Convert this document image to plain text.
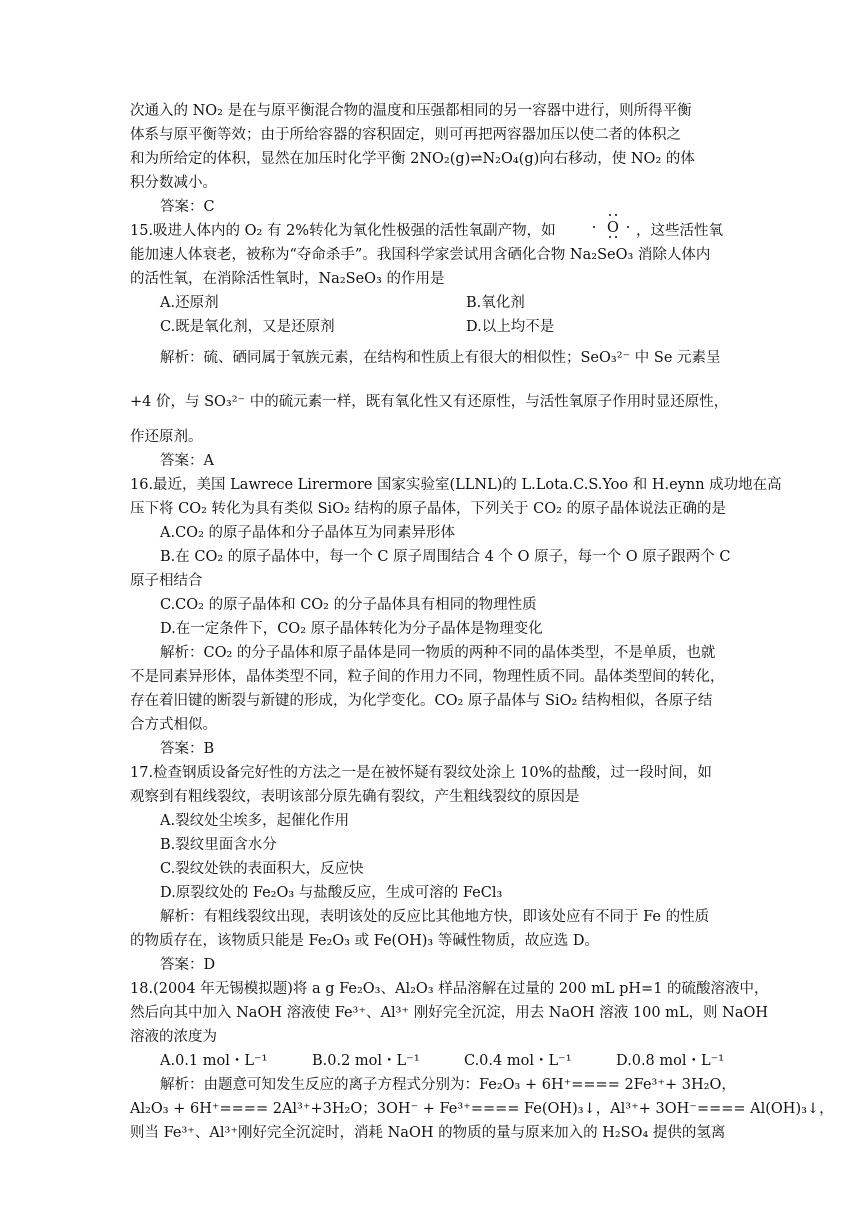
次通入的 NO₂ 是在与原平衡混合物的温度和压强都相同的另一容器中进行，则所得平衡
体系与原平衡等效；由于所给容器的容积固定，则可再把两容器加压以使二者的体积之
和为所给定的体积，显然在加压时化学平衡 2NO₂(g)⇌N₂O₄(g)向右移动，使 NO₂ 的体
积分数减小。
答案：C
15.吸进人体内的 O₂ 有 2%转化为氧化性极强的活性氧副产物，如	O ，这些活性氧
能加速人体衰老，被称为“夺命杀手”。我国科学家尝试用含硒化合物 Na₂SeO₃ 消除人体内
的活性氧，在消除活性氧时，Na₂SeO₃ 的作用是
A.还原剂	B.氧化剂
C.既是氧化剂，又是还原剂	D.以上均不是
解析：硫、硒同属于氧族元素，在结构和性质上有很大的相似性；SeO₃²⁻ 中 Se 元素呈
+4 价，与 SO₃²⁻ 中的硫元素一样，既有氧化性又有还原性，与活性氧原子作用时显还原性，
作还原剂。
答案：A
16.最近，美国 Lawrece Lirermore 国家实验室(LLNL)的 L.Lota.C.S.Yoo 和 H.eynn 成功地在高
压下将 CO₂ 转化为具有类似 SiO₂ 结构的原子晶体，下列关于 CO₂ 的原子晶体说法正确的是
A.CO₂ 的原子晶体和分子晶体互为同素异形体
B.在 CO₂ 的原子晶体中，每一个 C 原子周围结合 4 个 O 原子，每一个 O 原子跟两个 C
原子相结合
C.CO₂ 的原子晶体和 CO₂ 的分子晶体具有相同的物理性质
D.在一定条件下，CO₂ 原子晶体转化为分子晶体是物理变化
解析：CO₂ 的分子晶体和原子晶体是同一物质的两种不同的晶体类型，不是单质，也就
不是同素异形体，晶体类型不同，粒子间的作用力不同，物理性质不同。晶体类型间的转化，
存在着旧键的断裂与新键的形成，为化学变化。CO₂ 原子晶体与 SiO₂ 结构相似，各原子结
合方式相似。
答案：B
17.检查钢质设备完好性的方法之一是在被怀疑有裂纹处涂上 10%的盐酸，过一段时间，如
观察到有粗线裂纹，表明该部分原先确有裂纹，产生粗线裂纹的原因是
A.裂纹处尘埃多，起催化作用
B.裂纹里面含水分
C.裂纹处铁的表面积大，反应快
D.原裂纹处的 Fe₂O₃ 与盐酸反应，生成可溶的 FeCl₃
解析：有粗线裂纹出现，表明该处的反应比其他地方快，即该处应有不同于 Fe 的性质
的物质存在，该物质只能是 Fe₂O₃ 或 Fe(OH)₃ 等碱性物质，故应选 D。
答案：D
18.(2004 年无锡模拟题)将 a g Fe₂O₃、Al₂O₃ 样品溶解在过量的 200 mL pH=1 的硫酸溶液中，
然后向其中加入 NaOH 溶液使 Fe³⁺、Al³⁺ 刚好完全沉淀，用去 NaOH 溶液 100 mL，则 NaOH
溶液的浓度为
A.0.1 mol・L⁻¹	B.0.2 mol・L⁻¹	C.0.4 mol・L⁻¹	D.0.8 mol・L⁻¹
解析：由题意可知发生反应的离子方程式分别为：Fe₂O₃ + 6H⁺==== 2Fe³⁺+ 3H₂O，
Al₂O₃ + 6H⁺==== 2Al³⁺+3H₂O；3OH⁻ + Fe³⁺==== Fe(OH)₃↓，Al³⁺+ 3OH⁻==== Al(OH)₃↓，
则当 Fe³⁺、Al³⁺刚好完全沉淀时，消耗 NaOH 的物质的量与原来加入的 H₂SO₄ 提供的氢离
